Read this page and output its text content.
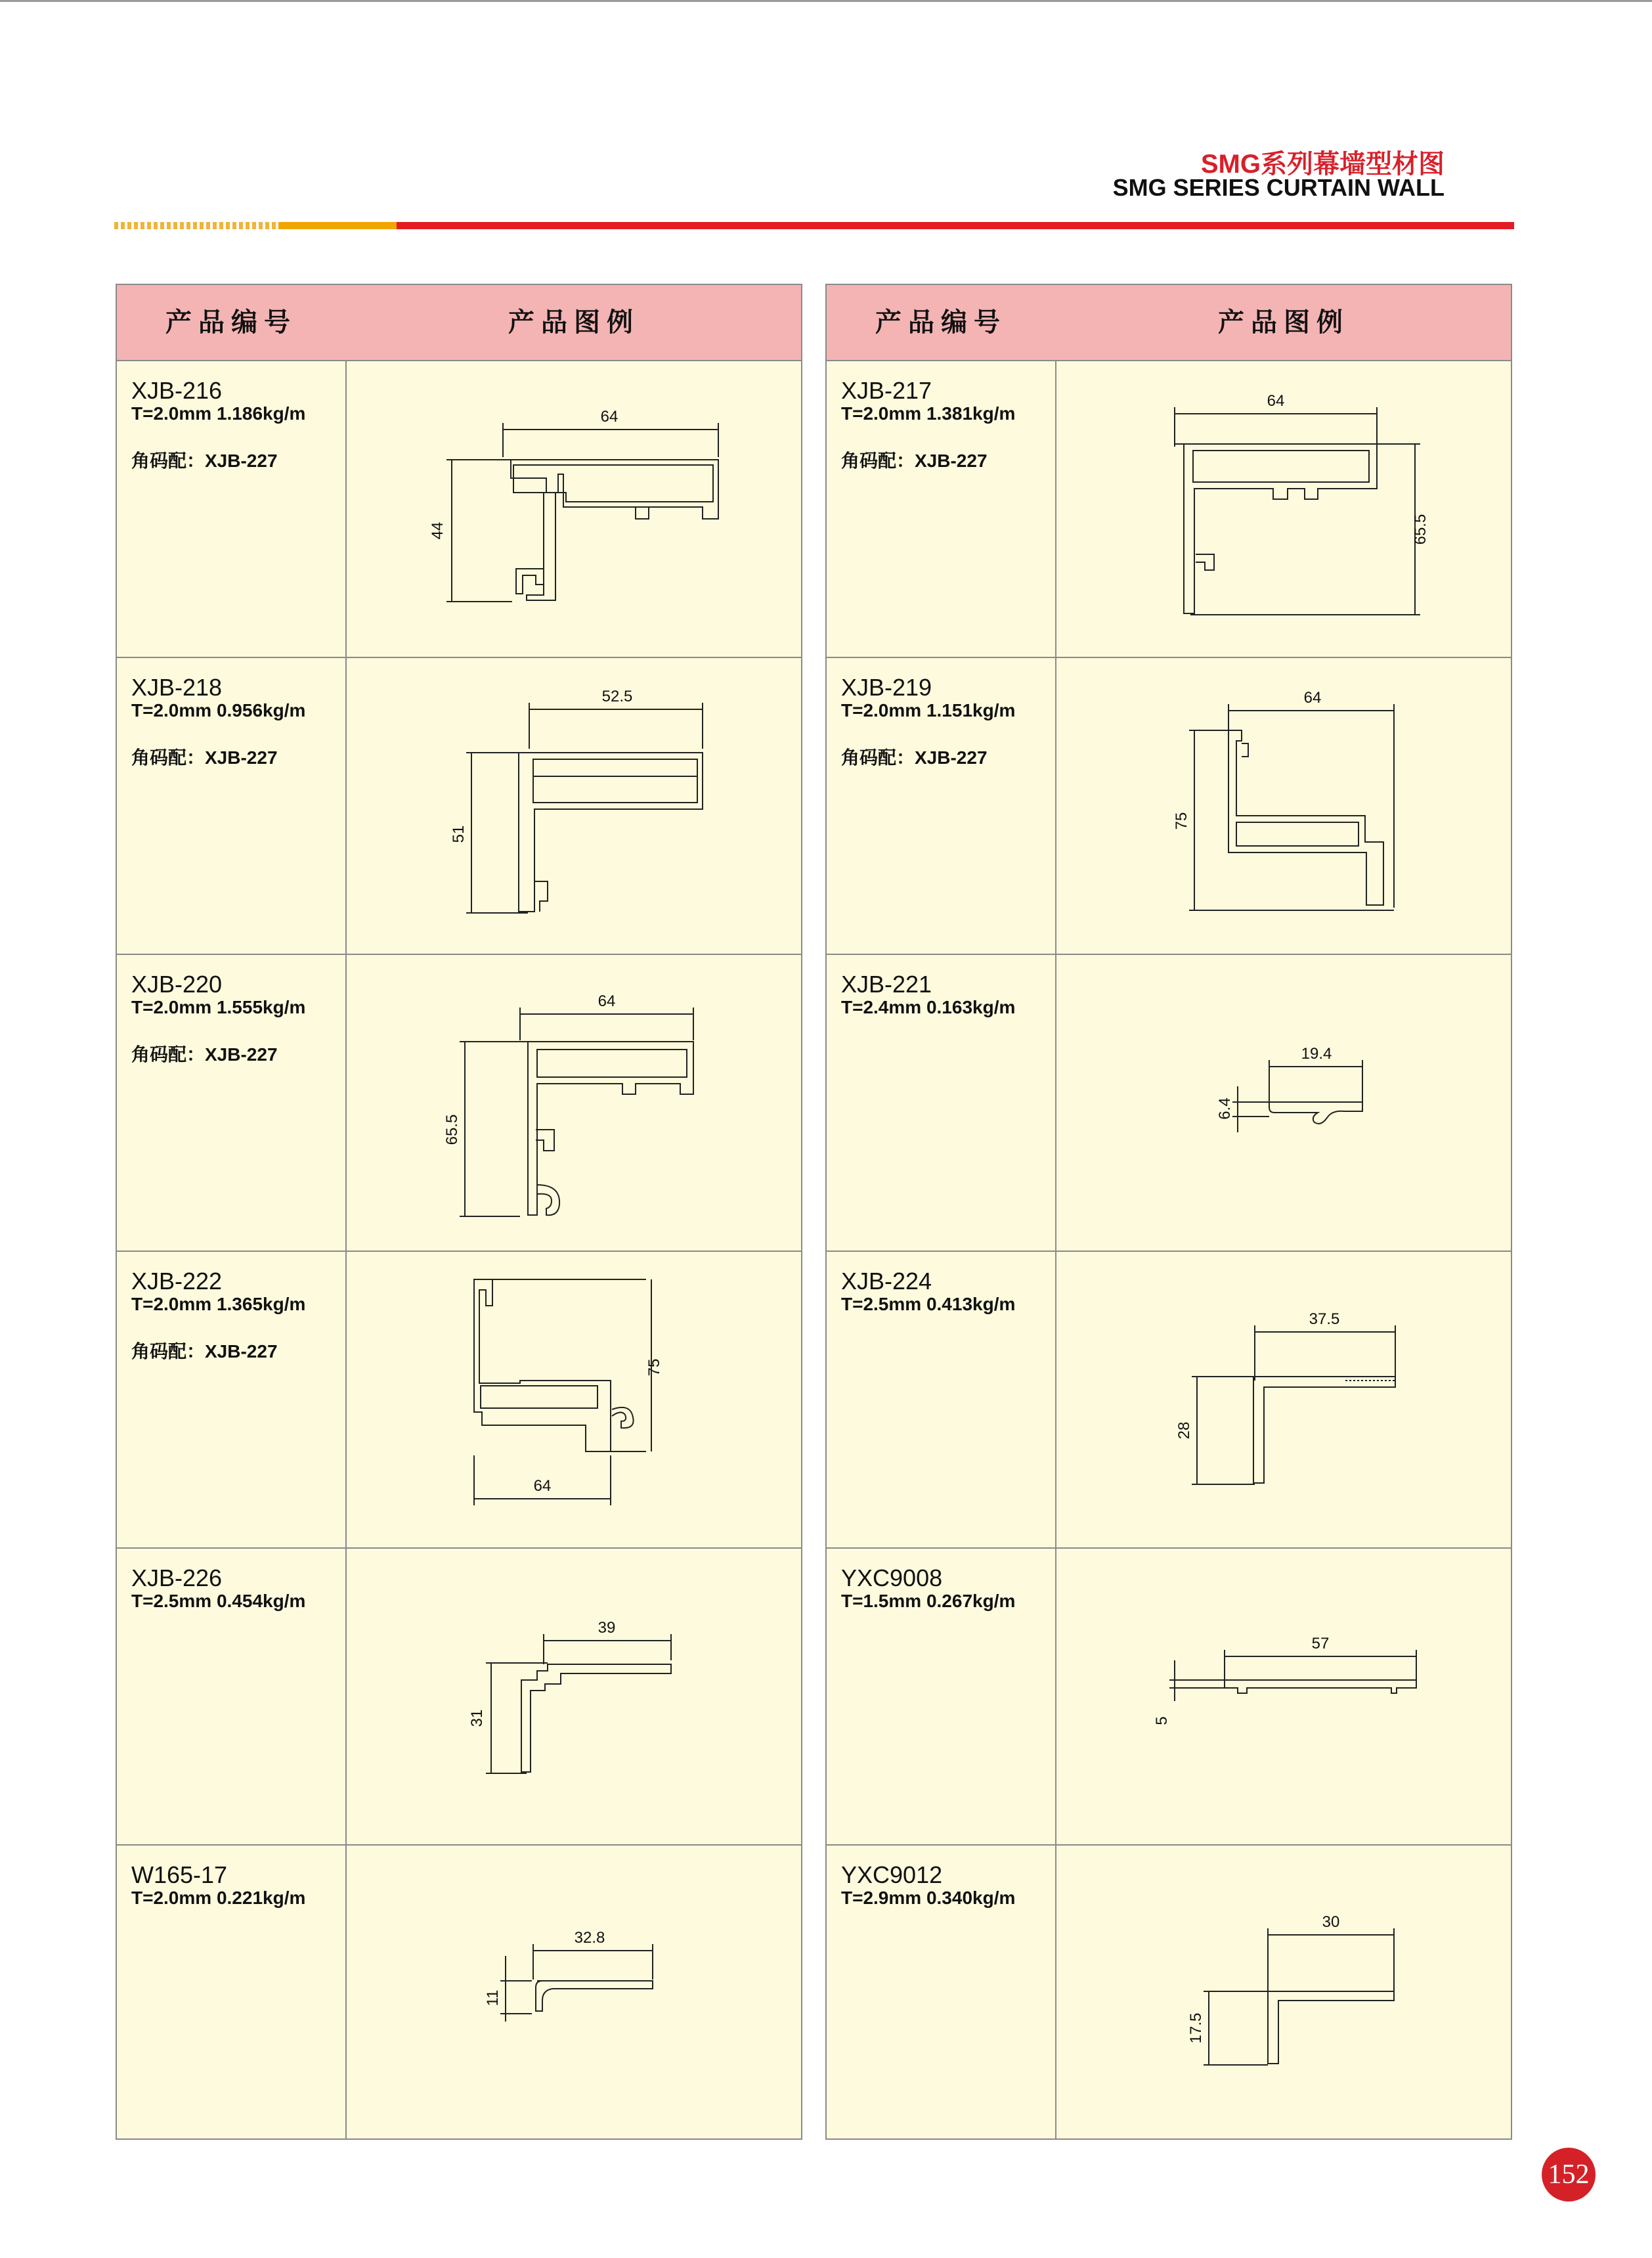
SMG系列幕墙型材图
SMG SERIES CURTAIN WALL
产品编号	产品图例
XJB-216
T=2.0mm 1.186kg/m
角码配：XJB-227
64
44
XJB-218
T=2.0mm 0.956kg/m
角码配：XJB-227
52.5
51
XJB-220
T=2.0mm 1.555kg/m
角码配：XJB-227
64
65.5
XJB-222
T=2.0mm 1.365kg/m
角码配：XJB-227
75
64
XJB-226
T=2.5mm 0.454kg/m
39
31
W165-17
T=2.0mm 0.221kg/m
32.8
11
产品编号	产品图例
XJB-217
T=2.0mm 1.381kg/m
角码配：XJB-227
64
65.5
XJB-219
T=2.0mm 1.151kg/m
角码配：XJB-227
64
75
XJB-221
T=2.4mm 0.163kg/m
19.4
6.4
XJB-224
T=2.5mm 0.413kg/m
37.5
28
YXC9008
T=1.5mm 0.267kg/m
57
5
YXC9012
T=2.9mm 0.340kg/m
30
17.5
152
